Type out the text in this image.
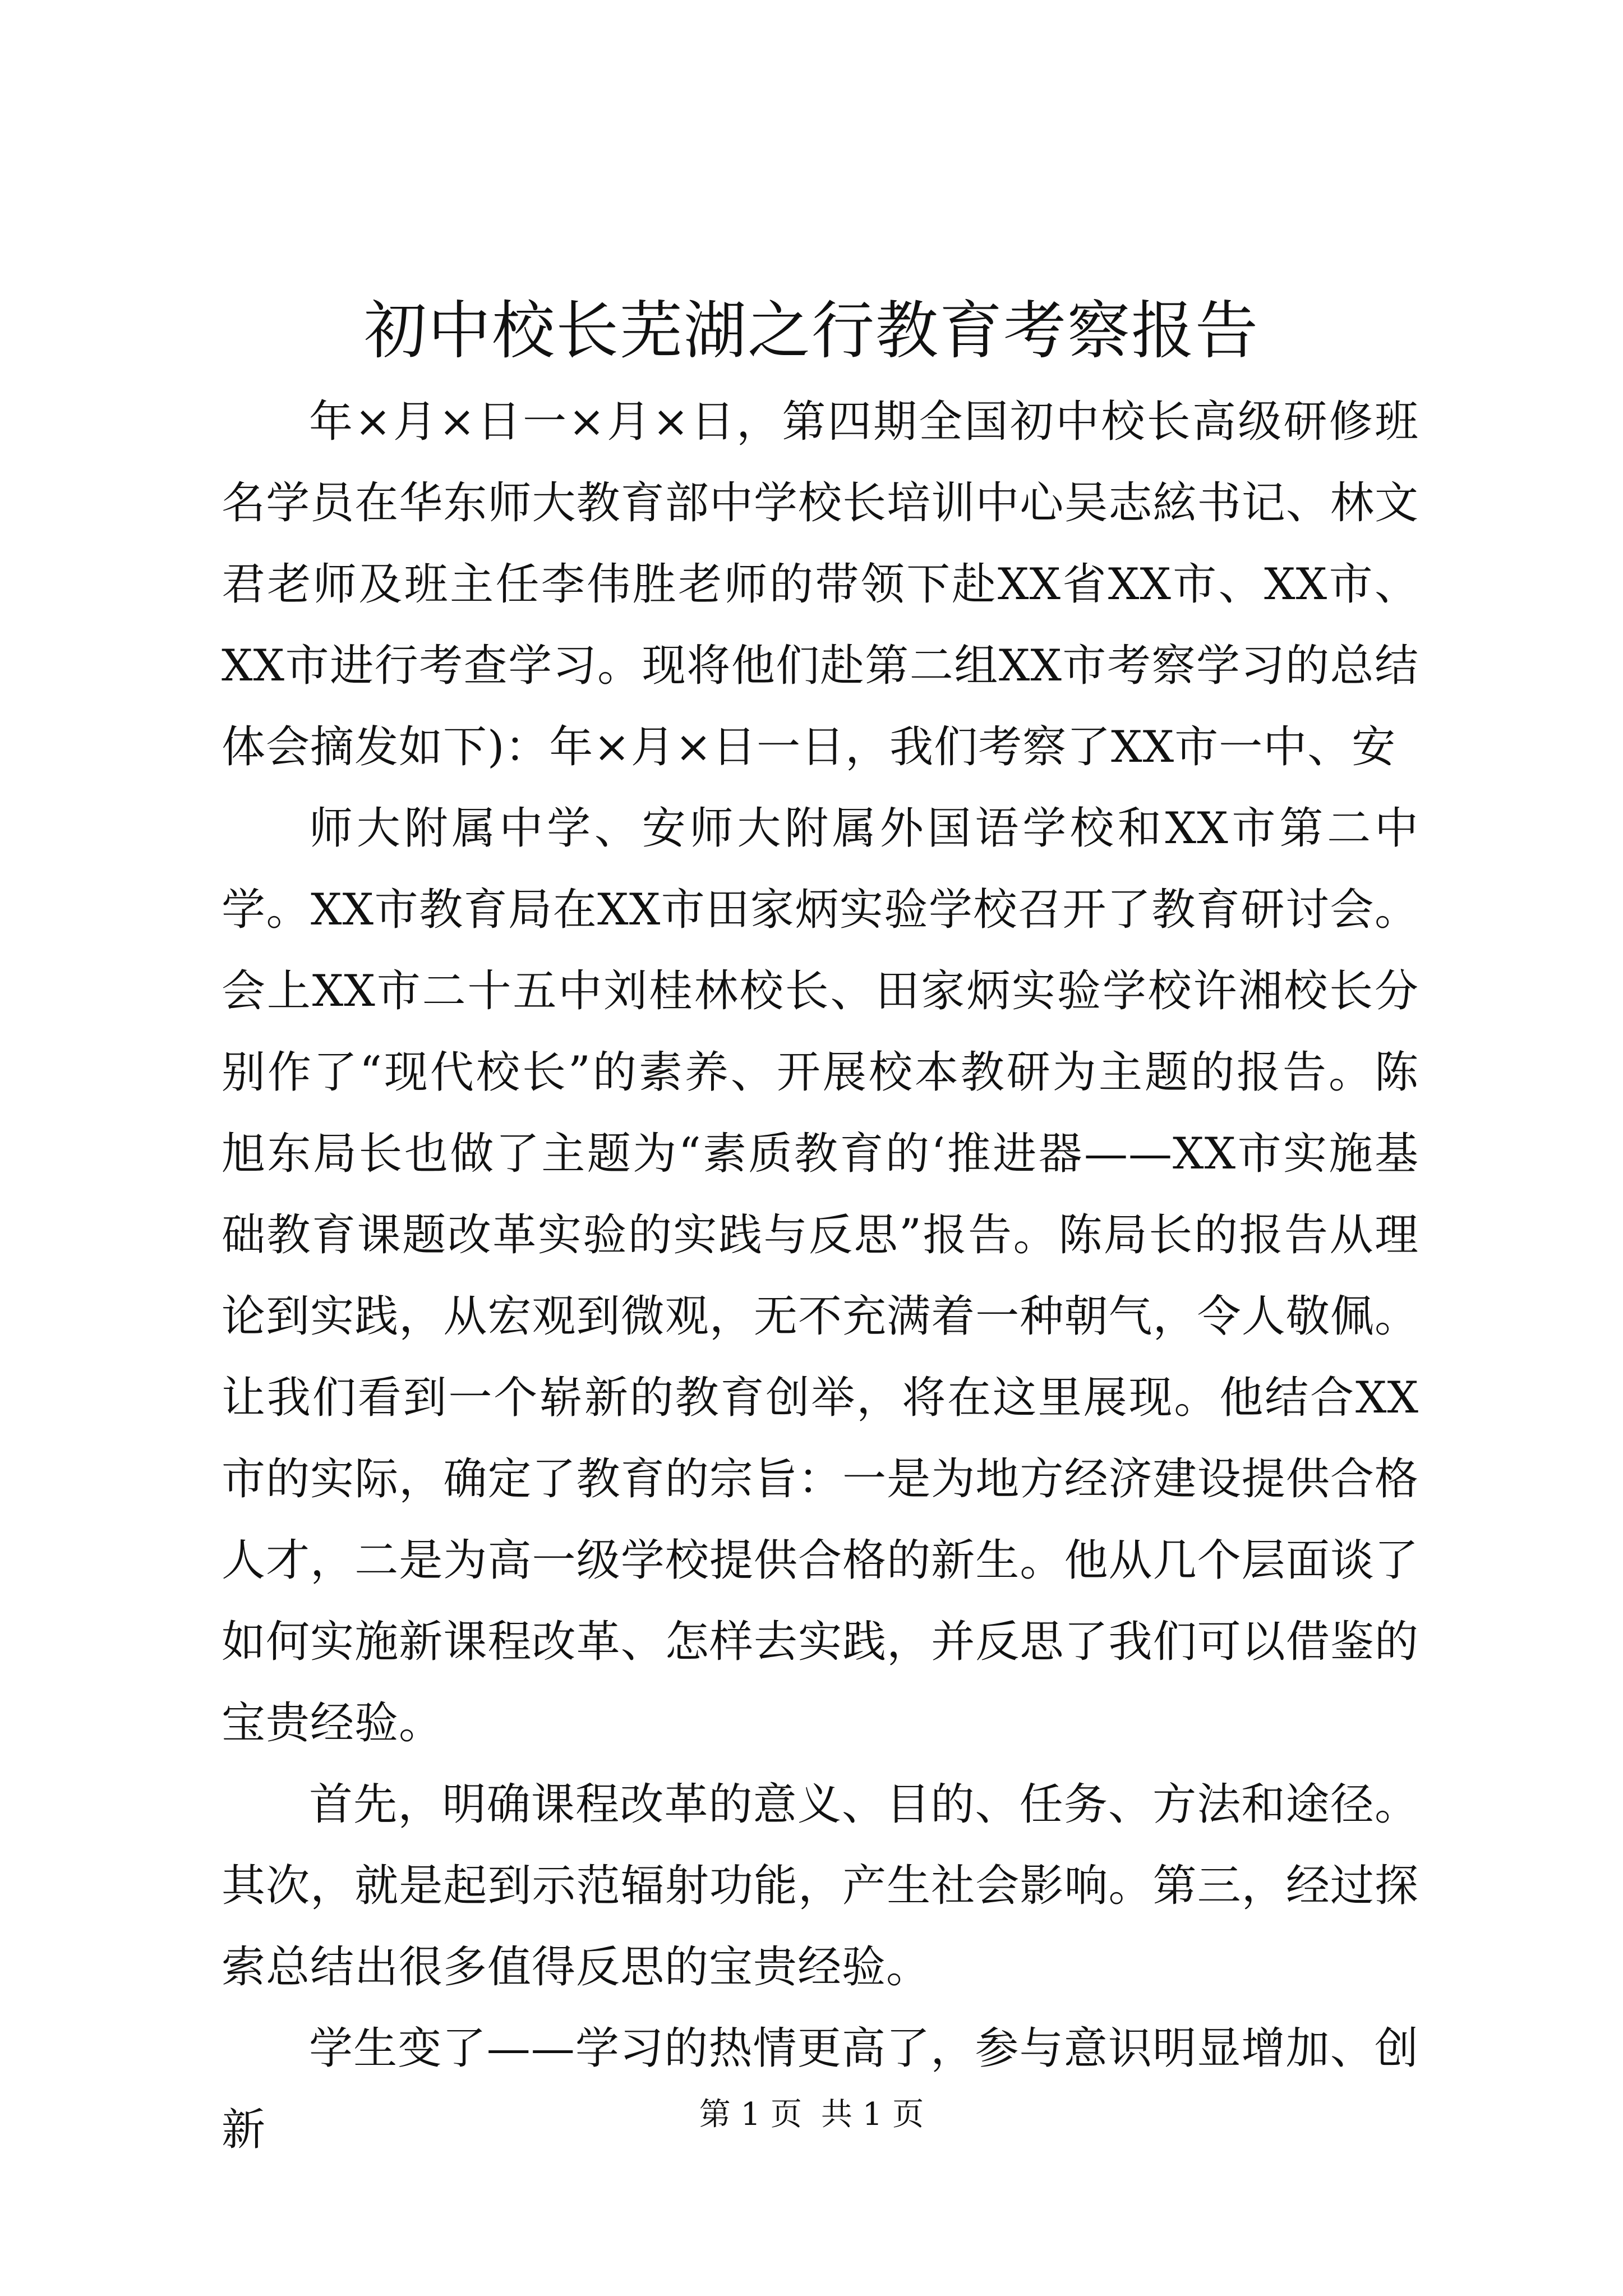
初中校长芜湖之行教育考察报告

年×月×日一×月×日，第四期全国初中校长高级研修班名学员在华东师大教育部中学校长培训中心吴志絃书记、林文君老师及班主任李伟胜老师的带领下赴XX省XX市、XX市、XX市进行考查学习。现将他们赴第二组XX市考察学习的总结体会摘发如下)：年×月×日一日，我们考察了XX市一中、安

师大附属中学、安师大附属外国语学校和XX市第二中学。XX市教育局在XX市田家炳实验学校召开了教育研讨会。会上XX市二十五中刘桂林校长、田家炳实验学校许湘校长分别作了“现代校长”的素养、开展校本教研为主题的报告。陈旭东局长也做了主题为“素质教育的‘推进器——XX市实施基础教育课题改革实验的实践与反思”报告。陈局长的报告从理论到实践，从宏观到微观，无不充满着一种朝气，令人敬佩。让我们看到一个崭新的教育创举，将在这里展现。他结合XX市的实际，确定了教育的宗旨：一是为地方经济建设提供合格人才，二是为高一级学校提供合格的新生。他从几个层面谈了如何实施新课程改革、怎样去实践，并反思了我们可以借鉴的宝贵经验。

首先，明确课程改革的意义、目的、任务、方法和途径。其次，就是起到示范辐射功能，产生社会影响。第三，经过探索总结出很多值得反思的宝贵经验。

学生变了——学习的热情更高了，参与意识明显增加、创新	第 1 页 共 1 页
